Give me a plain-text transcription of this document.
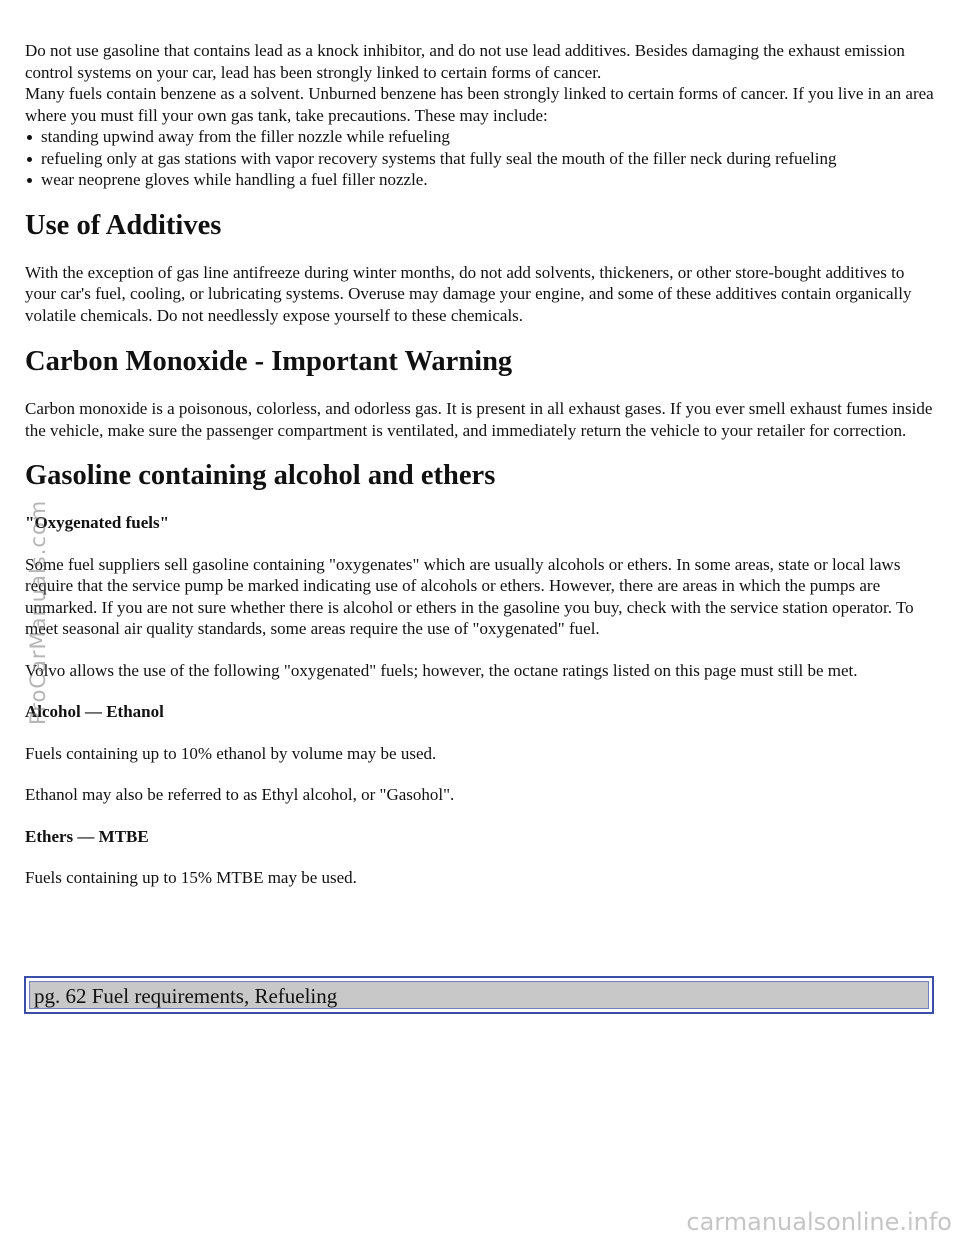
Do not use gasoline that contains lead as a knock inhibitor, and do not use lead additives. Besides damaging the exhaust emission control systems on your car, lead has been strongly linked to certain forms of cancer.

Many fuels contain benzene as a solvent. Unburned benzene has been strongly linked to certain forms of cancer. If you live in an area where you must fill your own gas tank, take precautions. These may include:

standing upwind away from the filler nozzle while refueling
refueling only at gas stations with vapor recovery systems that fully seal the mouth of the filler neck during refueling
wear neoprene gloves while handling a fuel filler nozzle.
Use of Additives

With the exception of gas line antifreeze during winter months, do not add solvents, thickeners, or other store-bought additives to your car's fuel, cooling, or lubricating systems. Overuse may damage your engine, and some of these additives contain organically volatile chemicals. Do not needlessly expose yourself to these chemicals.

Carbon Monoxide - Important Warning

Carbon monoxide is a poisonous, colorless, and odorless gas. It is present in all exhaust gases. If you ever smell exhaust fumes inside the vehicle, make sure the passenger compartment is ventilated, and immediately return the vehicle to your retailer for correction.

Gasoline containing alcohol and ethers

"Oxygenated fuels"

Some fuel suppliers sell gasoline containing "oxygenates" which are usually alcohols or ethers. In some areas, state or local laws require that the service pump be marked indicating use of alcohols or ethers. However, there are areas in which the pumps are unmarked. If you are not sure whether there is alcohol or ethers in the gasoline you buy, check with the service station operator. To meet seasonal air quality standards, some areas require the use of "oxygenated" fuel.

Volvo allows the use of the following "oxygenated" fuels; however, the octane ratings listed on this page must still be met.

Alcohol — Ethanol

Fuels containing up to 10% ethanol by volume may be used.

Ethanol may also be referred to as Ethyl alcohol, or "Gasohol".

Ethers — MTBE

Fuels containing up to 15% MTBE may be used.

pg. 62 Fuel requirements, Refueling
ProCarManuals.com
carmanualsonline.info
